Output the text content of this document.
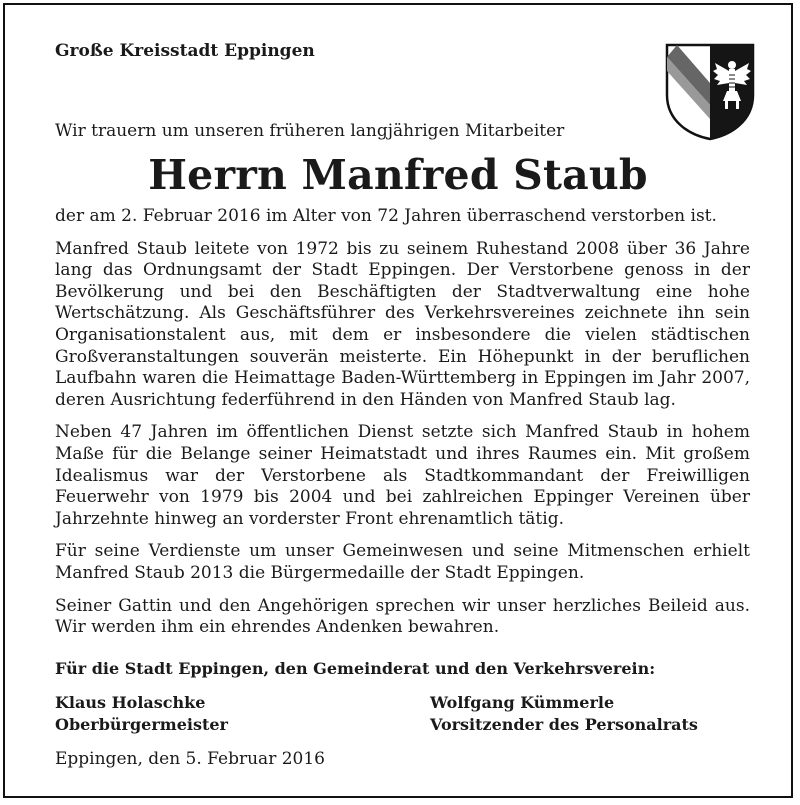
Große Kreisstadt Eppingen
Wir trauern um unseren früheren langjährigen Mitarbeiter
Herrn Manfred Staub

der am 2. Februar 2016 im Alter von 72 Jahren überraschend verstorben ist.

Manfred Staub leitete von 1972 bis zu seinem Ruhestand 2008 über 36 Jahre lang das Ordnungsamt der Stadt Eppingen. Der Verstorbene genoss in der Bevölkerung und bei den Beschäftigten der Stadtverwaltung eine hohe Wertschätzung. Als Geschäftsführer des Verkehrsvereines zeichnete ihn sein Organisationstalent aus, mit dem er insbesondere die vielen städtischen Großveranstaltungen souverän meisterte. Ein Höhepunkt in der beruflichen Laufbahn waren die Heimattage Baden-Württemberg in Eppingen im Jahr 2007, deren Ausrichtung federführend in den Händen von Manfred Staub lag.

Neben 47 Jahren im öffentlichen Dienst setzte sich Manfred Staub in hohem Maße für die Belange seiner Heimatstadt und ihres Raumes ein. Mit großem Idealismus war der Verstorbene als Stadtkommandant der Freiwilligen Feuerwehr von 1979 bis 2004 und bei zahlreichen Eppinger Vereinen über Jahrzehnte hinweg an vorderster Front ehrenamtlich tätig.

Für seine Verdienste um unser Gemeinwesen und seine Mitmenschen erhielt Manfred Staub 2013 die Bürgermedaille der Stadt Eppingen.

Seiner Gattin und den Angehörigen sprechen wir unser herzliches Beileid aus. Wir werden ihm ein ehrendes Andenken bewahren.

Für die Stadt Eppingen, den Gemeinderat und den Verkehrsverein:
Klaus Holaschke
Oberbürgermeister
Wolfgang Kümmerle
Vorsitzender des Personalrats
Eppingen, den 5. Februar 2016
